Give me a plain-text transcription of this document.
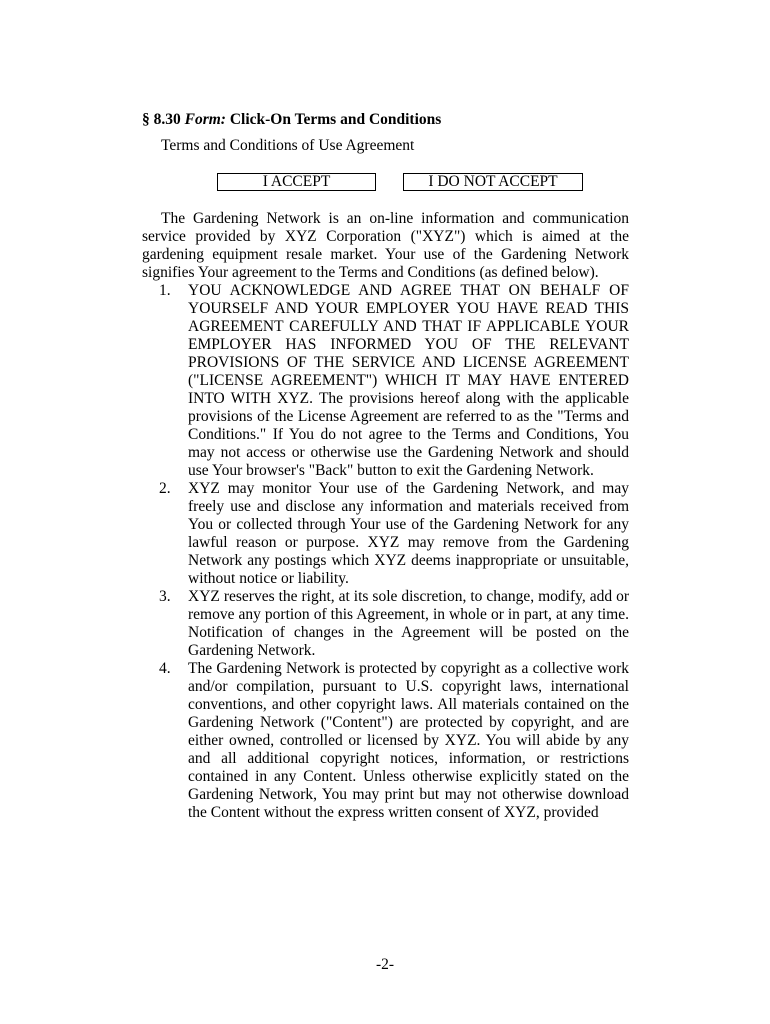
§ 8.30 Form: Click-On Terms and Conditions
Terms and Conditions of Use Agreement
I ACCEPT	I DO NOT ACCEPT

The Gardening Network is an on-line information and communication service provided by XYZ Corporation ("XYZ") which is aimed at the gardening equipment resale market. Your use of the Gardening Network signifies Your agreement to the Terms and Conditions (as defined below).

1. YOU ACKNOWLEDGE AND AGREE THAT ON BEHALF OF YOURSELF AND YOUR EMPLOYER YOU HAVE READ THIS AGREEMENT CAREFULLY AND THAT IF APPLICABLE YOUR EMPLOYER HAS INFORMED YOU OF THE RELEVANT PROVISIONS OF THE SERVICE AND LICENSE AGREEMENT ("LICENSE AGREEMENT") WHICH IT MAY HAVE ENTERED INTO WITH XYZ. The provisions hereof along with the applicable provisions of the License Agreement are referred to as the "Terms and Conditions." If You do not agree to the Terms and Conditions, You may not access or otherwise use the Gardening Network and should use Your browser's "Back" button to exit the Gardening Network.
2. XYZ may monitor Your use of the Gardening Network, and may freely use and disclose any information and materials received from You or collected through Your use of the Gardening Network for any lawful reason or purpose. XYZ may remove from the Gardening Network any postings which XYZ deems inappropriate or unsuitable, without notice or liability.
3. XYZ reserves the right, at its sole discretion, to change, modify, add or remove any portion of this Agreement, in whole or in part, at any time. Notification of changes in the Agreement will be posted on the Gardening Network.
4. The Gardening Network is protected by copyright as a collective work and/or compilation, pursuant to U.S. copyright laws, international conventions, and other copyright laws. All materials contained on the Gardening Network ("Content") are protected by copyright, and are either owned, controlled or licensed by XYZ. You will abide by any and all additional copyright notices, information, or restrictions contained in any Content. Unless otherwise explicitly stated on the Gardening Network, You may print but may not otherwise download the Content without the express written consent of XYZ, provided
-2-
